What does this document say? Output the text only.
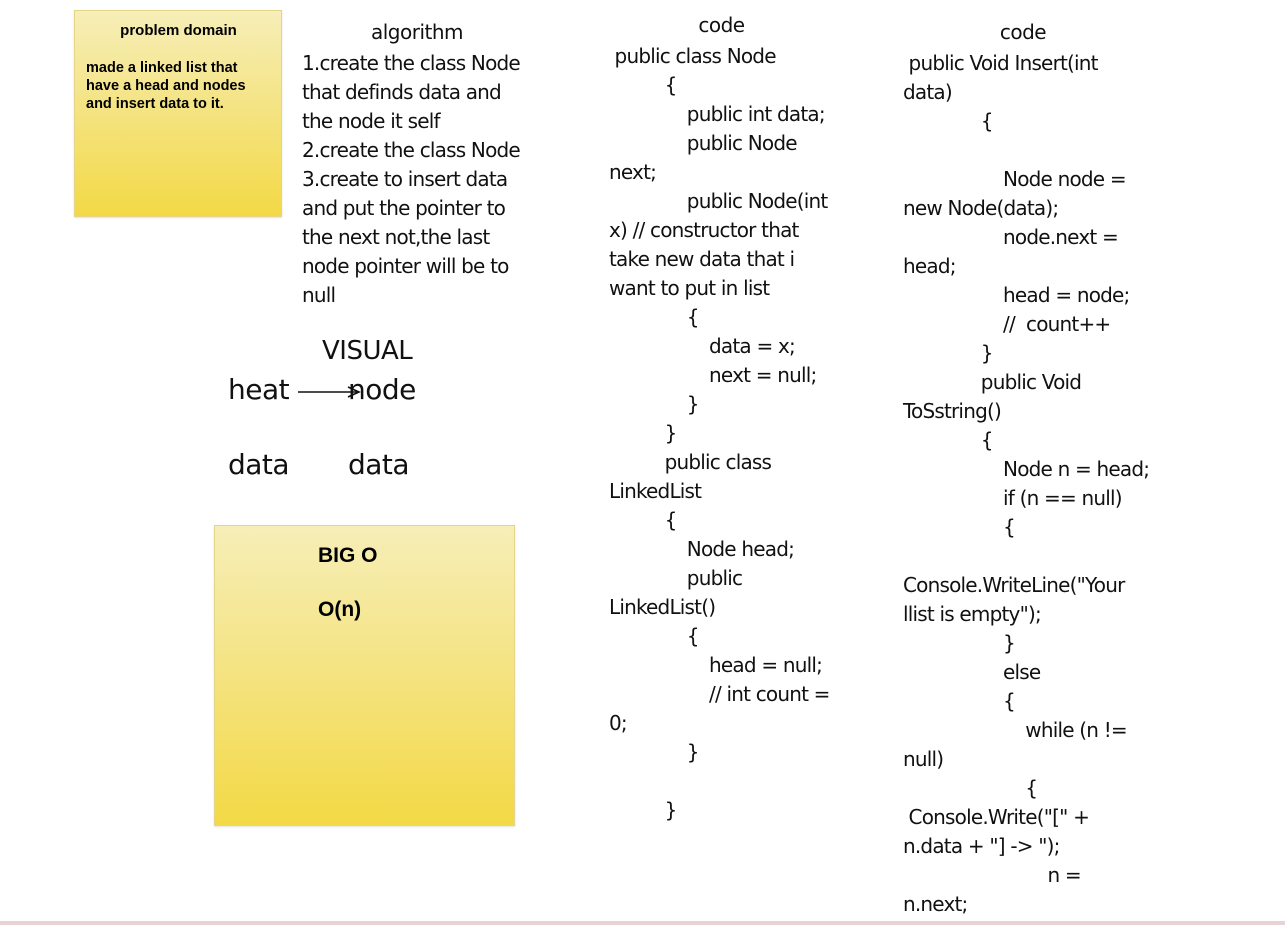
problem domain
made a linked list that
have a head and nodes
and insert data to it.
algorithm
1.create the class Node
that definds data and
the node it self
2.create the class Node
3.create to insert data
and put the pointer to
the next not,the last
node pointer will be to
null
VISUAL
heat node
data data
BIG O
O(n)
code
public class Node
{
public int data;
public Node
next;
public Node(int
x) // constructor that
take new data that i
want to put in list
{
data = x;
next = null;
}
}
public class
LinkedList
{
Node head;
public
LinkedList()
{
head = null;
// int count =
0;
}

}
code
public Void Insert(int
data)
{

Node node =
new Node(data);
node.next =
head;
head = node;
//  count++
}
public Void
ToSstring()
{
Node n = head;
if (n == null)
{

Console.WriteLine("Your
llist is empty");
}
else
{
while (n !=
null)
{
Console.Write("[" +
n.data + "] -> ");
n =
n.next;
